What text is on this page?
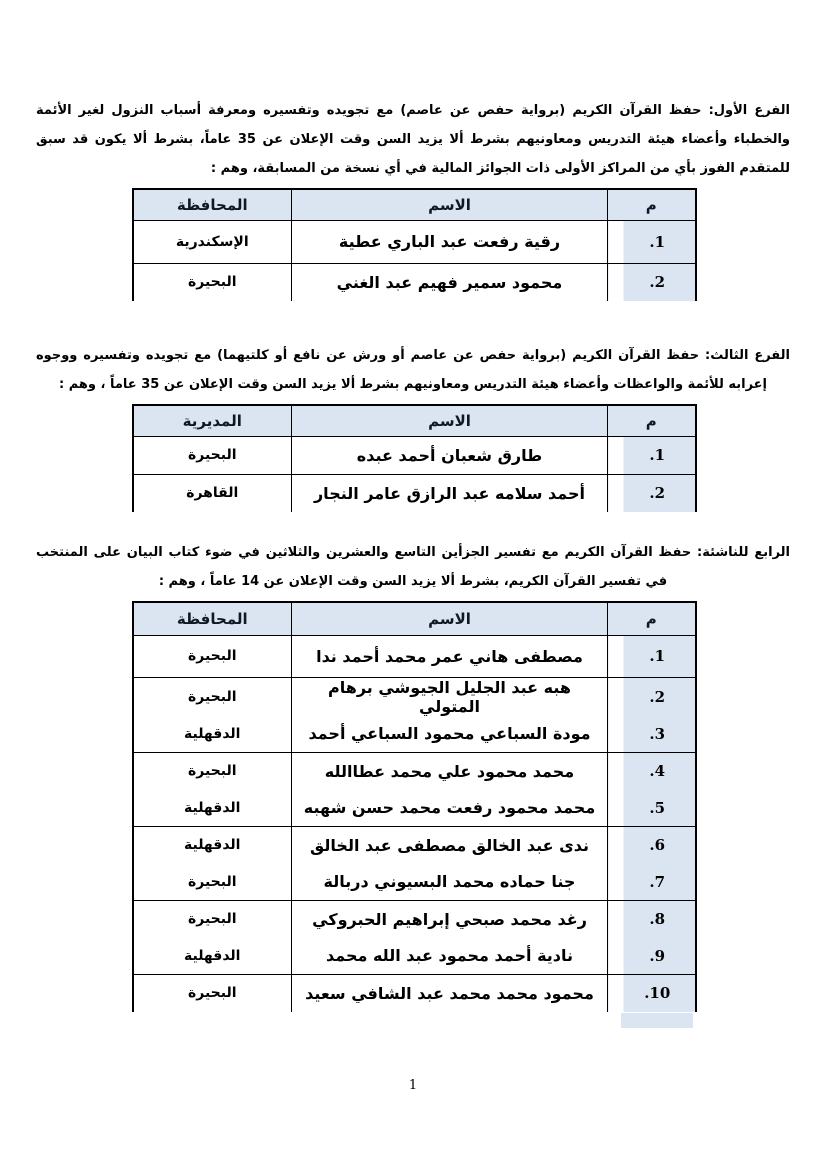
الفرع الأول: حفظ القرآن الكريم (برواية حفص عن عاصم) مع تجويده وتفسيره ومعرفة أسباب النزول لغير الأئمة والخطباء وأعضاء هيئة التدريس ومعاونيهم بشرط ألا يزيد السن وقت الإعلان عن 35 عاماً، بشرط ألا يكون قد سبق للمتقدم الفوز بأي من المراكز الأولى ذات الجوائز المالية في أي نسخة من المسابقة، وهم :

م	الاسم	المحافظة
.1	رقية رفعت عبد الباري عطية	الإسكندرية
.2	محمود سمير فهيم عبد الغني	البحيرة

الفرع الثالث: حفظ القرآن الكريم (برواية حفص عن عاصم أو ورش عن نافع أو كلتيهما) مع تجويده وتفسيره ووجوه إعرابه للأئمة والواعظات وأعضاء هيئة التدريس ومعاونيهم بشرط ألا يزيد السن وقت الإعلان عن 35 عاماً ، وهم :

م	الاسم	المديرية
.1	طارق شعبان أحمد عبده	البحيرة
.2	أحمد سلامه عبد الرازق عامر النجار	القاهرة

الرابع للناشئة: حفظ القرآن الكريم مع تفسير الجزأين التاسع والعشرين والثلاثين في ضوء كتاب البيان على المنتخب في تفسير القرآن الكريم، بشرط ألا يزيد السن وقت الإعلان عن 14 عاماً ، وهم :

م	الاسم	المحافظة
.1	مصطفى هاني عمر محمد أحمد ندا	البحيرة
.2	هبه عبد الجليل الجيوشي برهام المتولي	البحيرة
.3	مودة السباعي محمود السباعي أحمد	الدقهلية
.4	محمد محمود علي محمد عطاالله	البحيرة
.5	محمد محمود رفعت محمد حسن شهبه	الدقهلية
.6	ندى عبد الخالق مصطفى عبد الخالق	الدقهلية
.7	جنا حماده محمد البسيوني دربالة	البحيرة
.8	رغد محمد صبحي إبراهيم الحبروكي	البحيرة
.9	نادية أحمد محمود عبد الله محمد	الدقهلية
.10	محمود محمد محمد عبد الشافي سعيد	البحيرة
1
